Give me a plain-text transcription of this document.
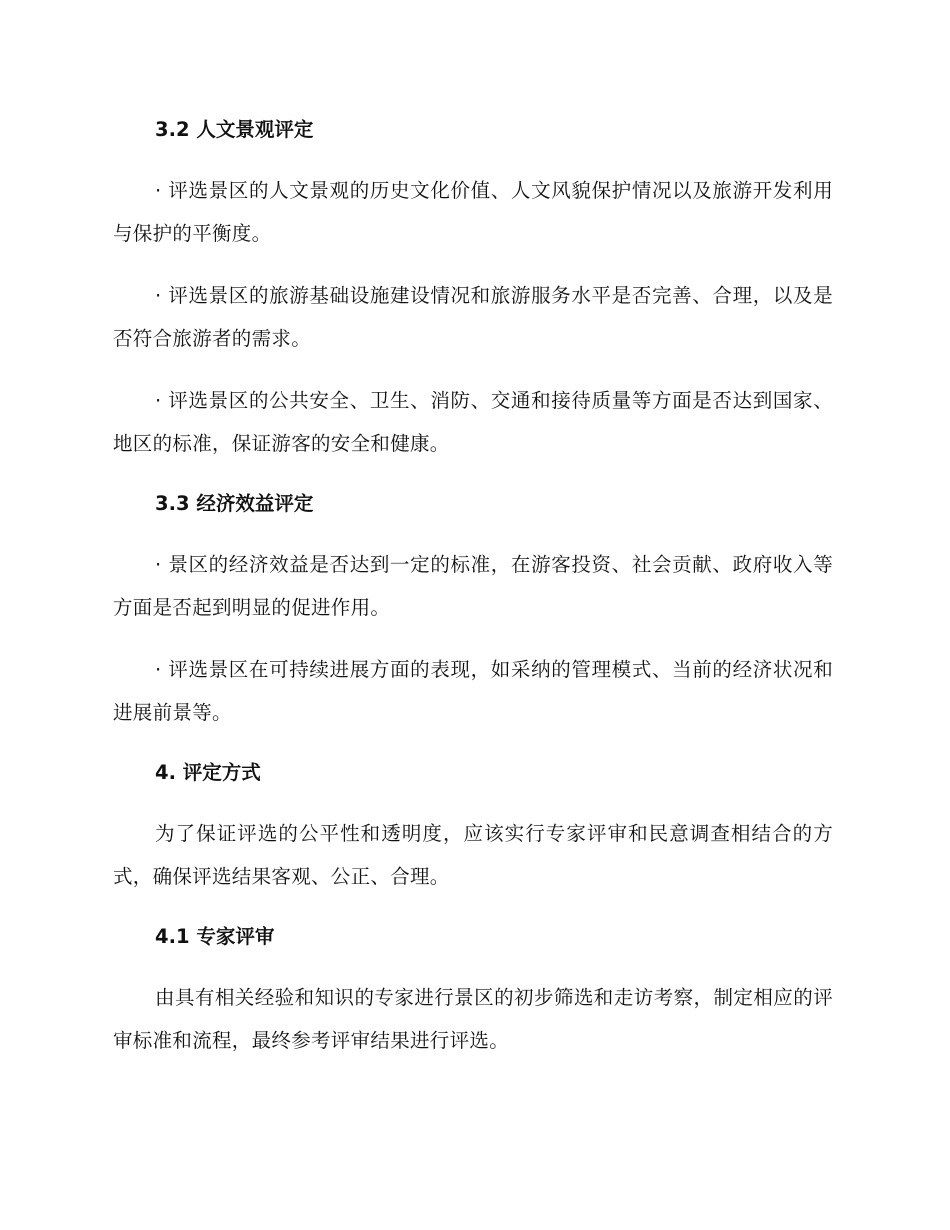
3.2 人文景观评定

· 评选景区的人文景观的历史文化价值、人文风貌保护情况以及旅游开发利用与保护的平衡度。

· 评选景区的旅游基础设施建设情况和旅游服务水平是否完善、合理，以及是否符合旅游者的需求。

· 评选景区的公共安全、卫生、消防、交通和接待质量等方面是否达到国家、地区的标准，保证游客的安全和健康。

3.3 经济效益评定

· 景区的经济效益是否达到一定的标准，在游客投资、社会贡献、政府收入等方面是否起到明显的促进作用。

· 评选景区在可持续进展方面的表现，如采纳的管理模式、当前的经济状况和进展前景等。

4. 评定方式

为了保证评选的公平性和透明度，应该实行专家评审和民意调查相结合的方式，确保评选结果客观、公正、合理。

4.1 专家评审

由具有相关经验和知识的专家进行景区的初步筛选和走访考察，制定相应的评审标准和流程，最终参考评审结果进行评选。
